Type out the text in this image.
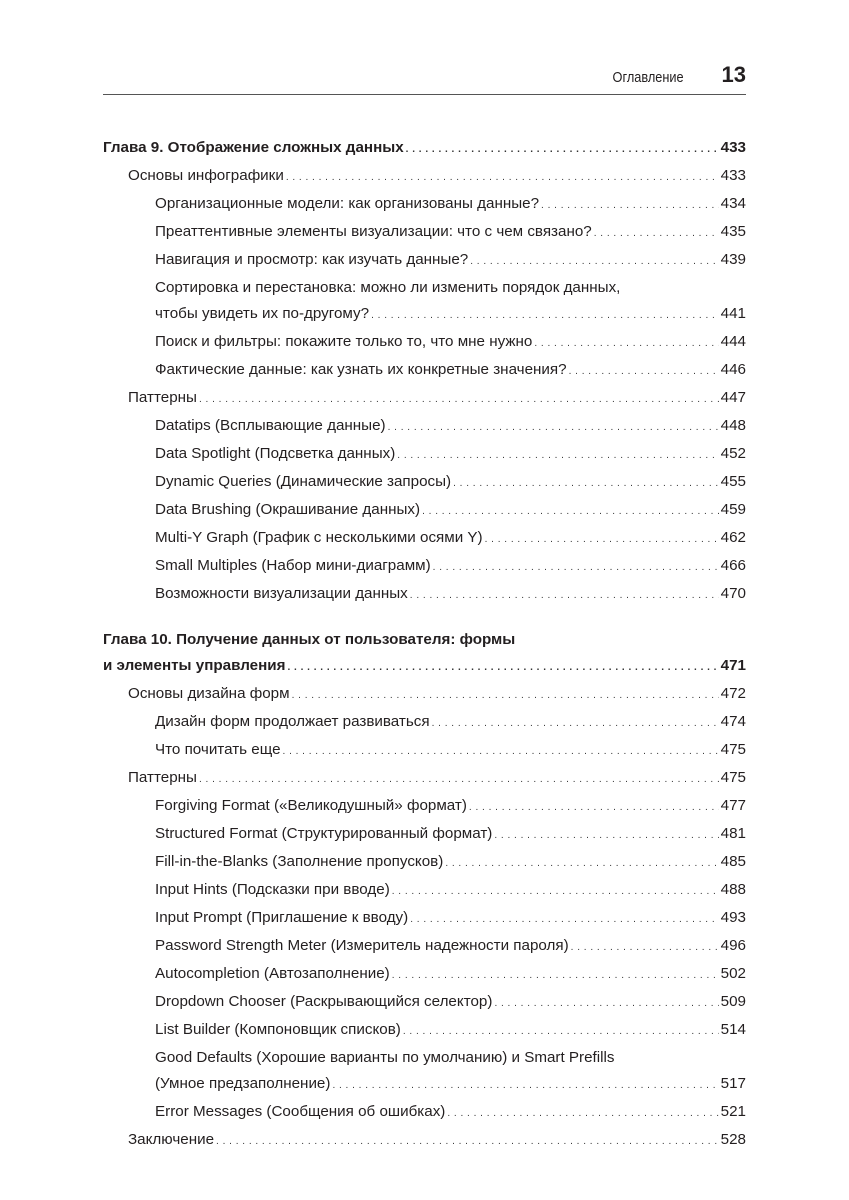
Оглавление 13
Глава 9. Отображение сложных данных . . .	433
Основы инфографики . . .	433
Организационные модели: как организованы данные? . . .	434
Преаттентивные элементы визуализации: что с чем связано? . . .	435
Навигация и просмотр: как изучать данные? . . .	439
Сортировка и перестановка: можно ли изменить порядок данных,
чтобы увидеть их по-другому? . . .	441
Поиск и фильтры: покажите только то, что мне нужно . . .	444
Фактические данные: как узнать их конкретные значения? . . .	446
Паттерны . . .	447
Datatips (Всплывающие данные) . . .	448
Data Spotlight (Подсветка данных) . . .	452
Dynamic Queries (Динамические запросы) . . .	455
Data Brushing (Окрашивание данных) . . .	459
Multi-Y Graph (График с несколькими осями Y) . . .	462
Small Multiples (Набор мини-диаграмм) . . .	466
Возможности визуализации данных . . .	470
Глава 10. Получение данных от пользователя: формы
и элементы управления . . .	471
Основы дизайна форм . . .	472
Дизайн форм продолжает развиваться . . .	474
Что почитать еще . . .	475
Паттерны . . .	475
Forgiving Format («Великодушный» формат) . . .	477
Structured Format (Структурированный формат) . . .	481
Fill-in-the-Blanks (Заполнение пропусков) . . .	485
Input Hints (Подсказки при вводе) . . .	488
Input Prompt (Приглашение к вводу) . . .	493
Password Strength Meter (Измеритель надежности пароля) . . .	496
Autocompletion (Автозаполнение) . . .	502
Dropdown Chooser (Раскрывающийся селектор) . . .	509
List Builder (Компоновщик списков) . . .	514
Good Defaults (Хорошие варианты по умолчанию) и Smart Prefills
(Умное предзаполнение) . . .	517
Error Messages (Сообщения об ошибках) . . .	521
Заключение . . .	528
